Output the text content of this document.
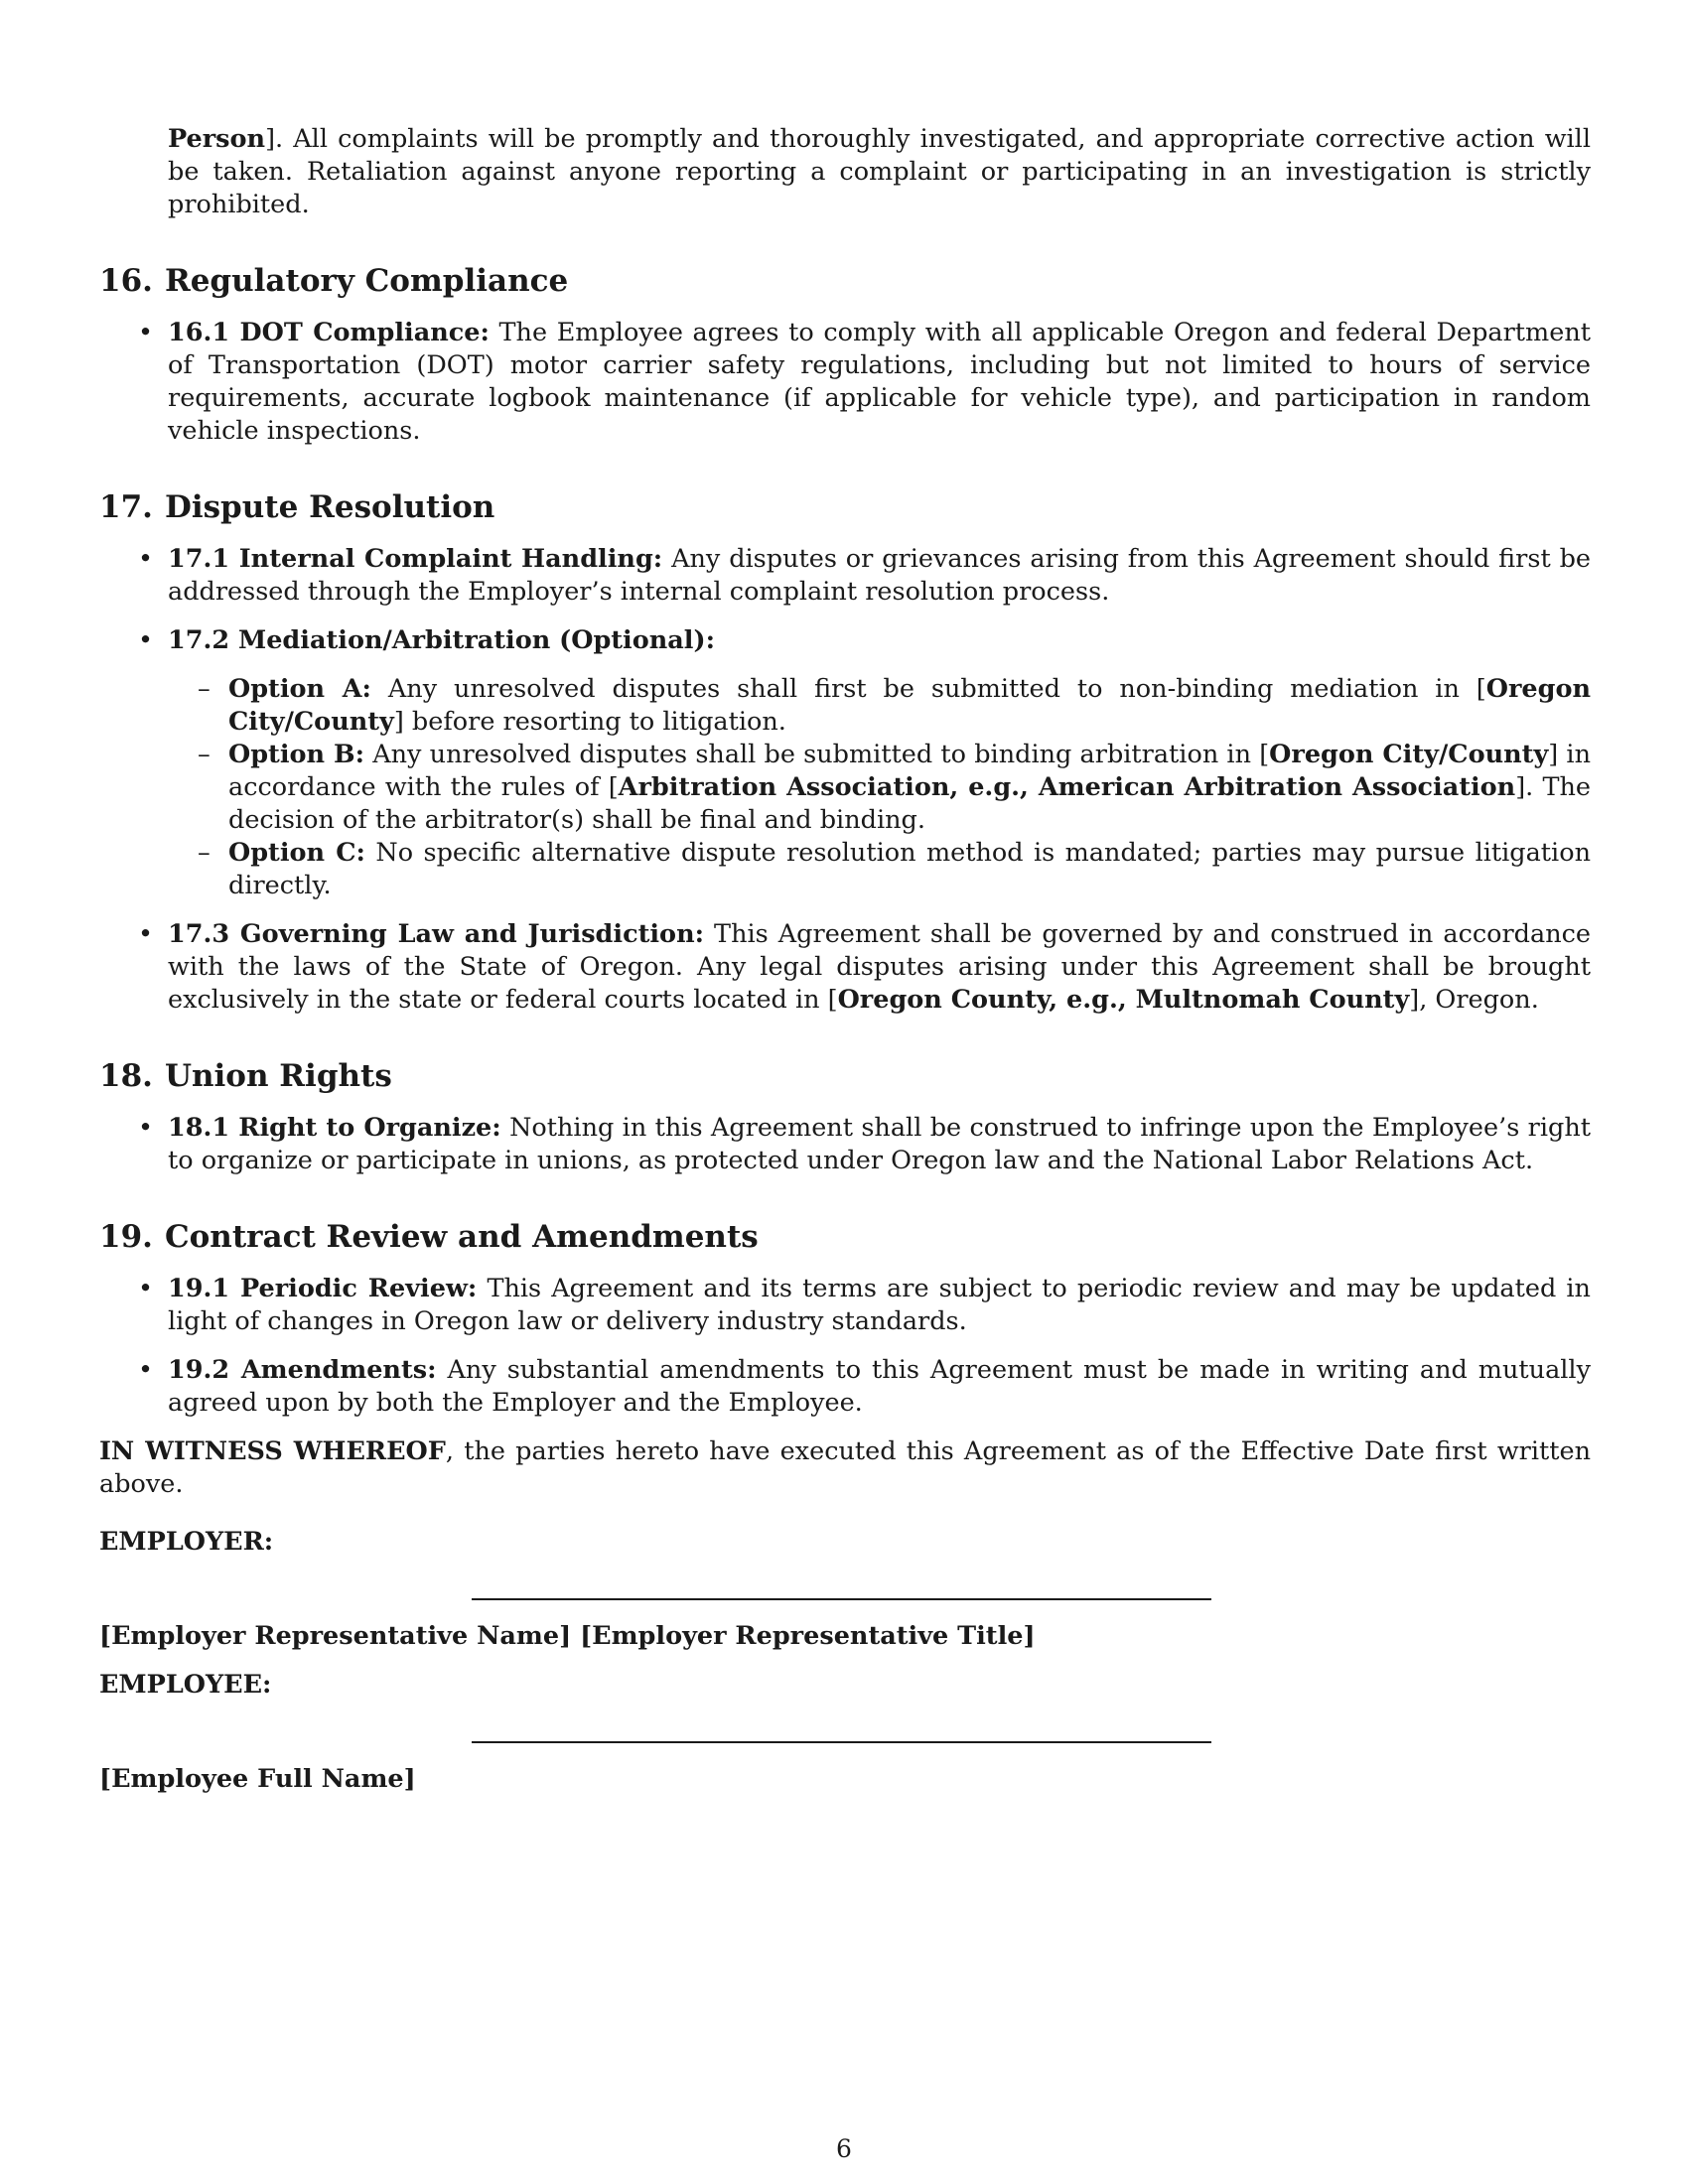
Person]. All complaints will be promptly and thoroughly investigated, and appropriate corrective action will be taken. Retaliation against anyone reporting a complaint or participating in an investigation is strictly prohibited.

16. Regulatory Compliance
• 16.1 DOT Compliance: The Employee agrees to comply with all applicable Oregon and federal Department of Transportation (DOT) motor carrier safety regulations, including but not limited to hours of service requirements, accurate logbook maintenance (if applicable for vehicle type), and participation in random vehicle inspections.
17. Dispute Resolution
• 17.1 Internal Complaint Handling: Any disputes or grievances arising from this Agreement should first be addressed through the Employer’s internal complaint resolution process.
• 17.2 Mediation/Arbitration (Optional):
– Option A: Any unresolved disputes shall first be submitted to non-binding mediation in [Oregon City/County] before resorting to litigation.
– Option B: Any unresolved disputes shall be submitted to binding arbitration in [Oregon City/County] in accordance with the rules of [Arbitration Association, e.g., American Arbitration Association]. The decision of the arbitrator(s) shall be final and binding.
– Option C: No specific alternative dispute resolution method is mandated; parties may pursue litigation directly.
• 17.3 Governing Law and Jurisdiction: This Agreement shall be governed by and construed in accordance with the laws of the State of Oregon. Any legal disputes arising under this Agreement shall be brought exclusively in the state or federal courts located in [Oregon County, e.g., Multnomah County], Oregon.
18. Union Rights
• 18.1 Right to Organize: Nothing in this Agreement shall be construed to infringe upon the Employee’s right to organize or participate in unions, as protected under Oregon law and the National Labor Relations Act.
19. Contract Review and Amendments
• 19.1 Periodic Review: This Agreement and its terms are subject to periodic review and may be updated in light of changes in Oregon law or delivery industry standards.
• 19.2 Amendments: Any substantial amendments to this Agreement must be made in writing and mutually agreed upon by both the Employer and the Employee.

IN WITNESS WHEREOF, the parties hereto have executed this Agreement as of the Effective Date first written above.

EMPLOYER:
[Employer Representative Name] [Employer Representative Title]
EMPLOYEE:
[Employee Full Name]
6
